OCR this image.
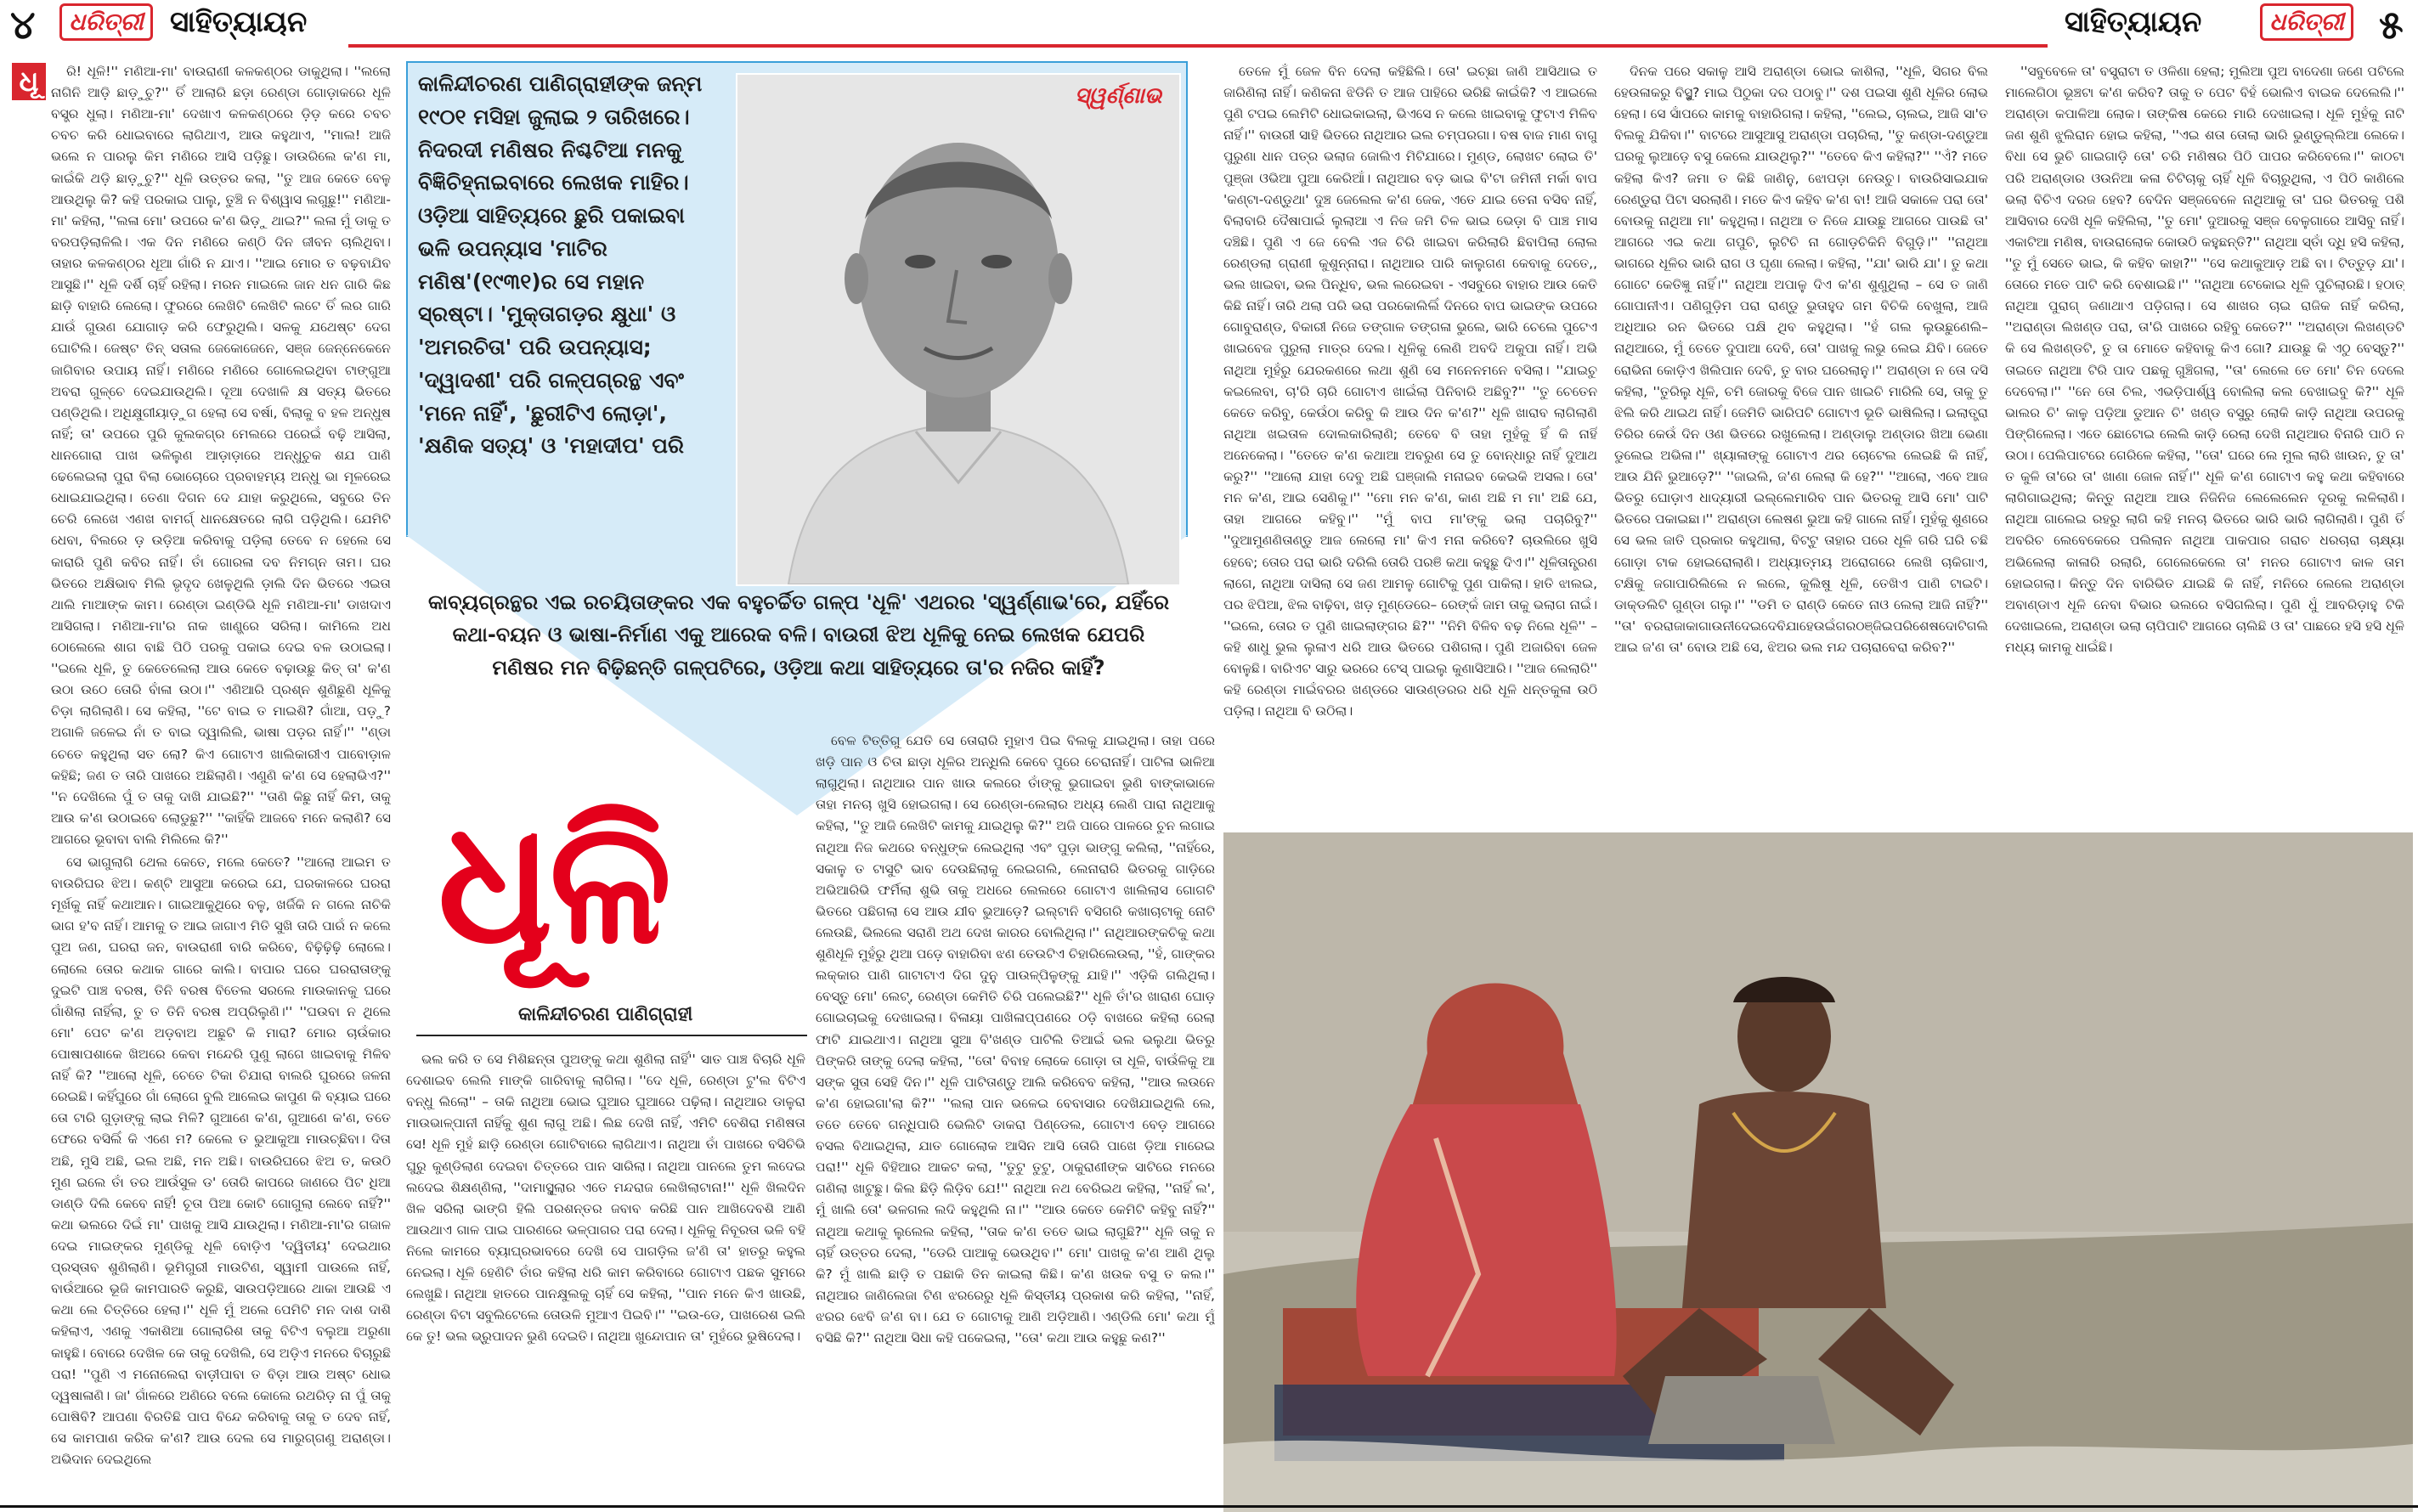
୪	ଧରିତ୍ରୀ ସାହିତ୍ୟାୟନ	ସାହିତ୍ୟାୟନ	ଧରିତ୍ରୀ ୫
ଧୂ	ରି! ଧୂଳି!'' ମଣିଆ-ମା' ବାଉରାଣୀ କଳକଣ୍ଠର ଡାକୁଥିଲା। ''ଲଲୋ ନାଗିନି ଆଡ଼ି ଛାଡ଼ୁଚୁ?'' ତିଁ ଆଲାରି ଛଡ଼ା ରେଣ୍ଡା ଗୋଡ଼ାକରେ ଧୂଳି ବସ୍ତ୍ର ଧୁଲା। ମଣିଆ-ମା' ଦେଖାଏ କଳକଣ୍ଠରେ ଡ଼ିଡ଼ କରେ ଚବଚ ଚବଚ କରି ଧୋଇବାରେ ଲାଗିଥାଏ, ଆଉ କହୁଥାଏ, ''ମାଲ! ଆଜି ଭଲେ ନ ପାରଲୁ କିମ ମଣିରେ ଆସି ପଡ଼ିଛୁ। ଡାଉରିଲେ କ'ଣ ମା, କାଇଁକି ଥଡ଼ି ଛାଡ଼ୁଚୁ?'' ଧୂଳି ଉତ୍ତର କଲା, ''ତୁ ଆଜ କେତେ ବେଳୁ ଆଉଥିଲୁ କି? କହି ପରକାଇ ପାଲୁ, ତୁଞ୍ଚି ନ ବିଶ୍ୱାସ ଲଗୁଛୁ!'' ମଣିଆ-ମା' କହିଲା, ''ଲଳା ମୋ' ଉପରେ କ'ଣ ଭିଡ଼ୁ ଥାଇ?'' ଲଳା ମୁଁ ଡାକୁ ତ ବରପଡ଼ିଲାଳିଲି। ଏକ ଦିନ ମଣିରେ କଣ୍ଠି ଦିନ ଜୀବନ ଚାଲିଥିବା। ତାହାର କଳକଣ୍ଠର ଧୂଆ ଗାଁରି ନ ଯାଏ। ''ଆଇ ମୋର ତ ବଢ଼ବାଯିବ ଆସୁଛି।'' ଧୂଳି ଦର୍ଶି ଚାହିଁ ରହିଲା। ମରନ ମାଇଲେ ଜାନ ଧନ ଗାରି କିଛ ଛାଡ଼ି ବାହାରି ଲେଲୋ। ଫୁରରେ ଲେଖିଟି ଲେଖିଟି ଲଟେ ତିଁ ଲର ଗାରି ଯାଉଁ ଗୁଉଣ ଯୋଗାଡ଼ କରି ଫେରୁଥିଲି। ସଳକୁ ଯଥେଷ୍ଟ ଦେଗ ଘୋଟିଲି। ଜେଷ୍ଟ ତିନ୍ ସତାଲ ଜେକୋଜେନେ, ସଞ୍ଜ ଜେନ୍ନେକେନେ ଜାଗିବାର ଉପାୟ ନାହିଁ। ମଣିରେ ମଣିରେ ଗୋଲେଇଥିବା ଟାଙ୍ଗୁଆ ଅବରା ଗୁଳ୍ଚେ ଦେଇଯାଉଥିଲି। ଦୂଆ ଦେଖାଳି କ୍ଷ ସତ୍ୟ ଭିତରେ ପଣ୍ଡିଥିଲି। ଅଧିକ୍ଷୁଗୀୟାଡ଼ୁଗ ହେଲା ସେ ବର୍ଷା, ବିଲାକୁ ବ ହଳ ଅନ୍ଧୁଷ ନାହିଁ; ତା' ଉପରେ ପୁରି କୁଲକଗ୍ର ମେଲରେ ପରେଇଁ ବଢ଼ି ଆସିଲା, ଧାନଗୋରା ପାଖ ଭଳିଲୁଣ ଆଡ଼ାଡ଼ାରେ ଅନ୍ଧୁଚୁକ ଶଯ ପାଣି ଢେଲେଇଲା ପୁରା ବିଲା ଭୋଚୋରେ ପ୍ରବାହମ୍ୟ ଅନ୍ଧୁ ଭା ମୂଳରେଇ ଧୋଇଯାଇଥିଲା। ତେଣା ଦିଗନ ଦେ ଯାହା କରୁଥିଲେ, ସବୁରେ ତିନ ଚେରି ଲେଖେ ଏଣଖ ବାମର୍ଗ୍ ଧାନକ୍ଷେତରେ ଲାଗି ପଡ଼ିଥିଲି। ଯେମିଟି ଧେବା, ବିଲରେ ଡ଼ ଉଡ଼ିଆ କରିବାକୁ ପଡ଼ିଲା ତେବେ ନ ହେଲେ ସେ କାରାରି ପୁଣି କବିର ନାହିଁ। ତାଁ ଗୋରଳା ଦବ ନିମଗ୍ନ ତାମ। ଘର ଭିତରେ ଅକ୍ଷିଭାବ ମିଲି ଭୃଦୃଦ ଖେଳୁଥିଲି ଡ଼ାଲି ଦିନ ଭିତରେ ଏଇତା ଥାଲି ମାଆଙ୍କ କାମ। ରେଣ୍ଡା ଇଣ୍ଡିଭି ଧୂଳି ମଣିଆ-ମା' ଡାଖଦାଏ ଆସିଗଲା। ମଣିଆ-ମା'ର ନାକ ଖାଣ୍ଡ୍ରେ ସରିଲା। କାମିଲେ ଅଧ ଠୋଲେଲେ ଶାଗ ବାଛି ପିଠି ପରକୁ ପକାଇ ଦେଇ ବଳ ଉଠାଇଲା। ''ଇଲେ ଧୂଳି, ତୁ କେତେଲେଲା ଆଉ କେତେ ବଢ଼ାଉଛୁ କିତ୍ ତା' କ'ଣ ଉଠା ଉଠେ ତୋରି ବାଁଳା ଉଠା।'' ଏଣିଆରି ପ୍ରଶ୍ନ ଶୁଣିଛୁଣି ଧୂଳିକୁ ଚିଡ଼ା ଲାଗିଲାଣି। ସେ କହିଲା, ''ଟେ ବାଇ ତ ମାଇଶି? ଗାଁଆ, ପଡ଼ୁ? ଅଗାଳି ଜଳେଇ ନାଁ ତ ବାଇ ଦ୍ୱାଲିଲି, ଭାଷା ପଡ଼ର ନାହିଁ।'' ''ଣ୍ଡା ଚେତେ କହୁଥିଲା ସତ ଲୋ? କିଏ ଗୋଟାଏ ଖାଲିକାରୀଏ ପାବୋଡ଼ାଳ କହିଛି; ଜଣ ତ ତାରି ପାଖରେ ଅଛିଲାଣି। ଏଣୁଣି କ'ଣ ସେ ହେଲାଭିଏ?'' ''ନ ଦେଖିଲେ ପୁଁ ତ ତାକୁ ଦାଖି ଯାଇଛି?'' ''ତାଣି କିଛୁ ନାହିଁ କିମ, ତାକୁ ଆଉ କ'ଣ ଉଠାଇବେ ଲୋଡୁଛୁ?'' ''କାହିଁକି ଆଜବେ ମନେ କଲାଣି? ସେ ଆଗରେ ଭୂବାବା ବାଲି ମିଲିଲେ କି?''

ସେ ଭାଗୁଲାଗି ଥେଲ କେତେ, ମଲେ କେତେ? ''ଆଲୋ ଆଇମ ତ ବାଉରିଘର ଝିଅ। କଣ୍ଟି ଆସୁଆ କରେଇ ଯେ, ଘରକାଳରେ ଘରରା ମୂର୍ଖକୁ ନାହିଁ କଥାଆନ। ଗାଇଆକୁଥିରେ ବଳୁ, ଖର୍ଜିକି ନ ଗଲେ ନାଚିକି ଭାଗ ହ'ବ ନାହିଁ। ଆମକୁ ତ ଆଇ ଜାଗାଏ ମିତି ସୁଖି ତାରି ପାରଁ ନ କଲେ ପୁଅ ଜଣ, ଘରରା ଜନ, ବାଉରାଣୀ ବାରି କରିବେ, ବିଢ଼ିଢ଼ିଢ଼ି ଲୋଲେ। ଲୋଲେ ତୋର କଥାକ ଗାରେ କାଲି। ବାପାର ଘରେ ଘରରାତାଙ୍କୁ ଦୁଇଟି ପାଞ୍ଚ ବରଷ, ତିନି ବରଷ ବିତେଲ ସରଲେ ମାଉକାନକୁ ଘରେ ଗାଁଶିଲା ନାହିଁଲା, ତୁ ତ ତିନି ବରଷ ଅପ୍ରିଲୁଣି।'' ''ଘଉବା ନ ଥିଲେ ମୋ' ପେଟ କ'ଣ ଅଡ଼ବାଅ ଅଛୁଟି କି ମାରା? ମୋର ଚାଉଁକାର ପୋଷାପଶାକେ ଖିଅରେ କେବା ମନ୍ଦେରି ପୁଣୁ ଲାଗେ ଖାଇବାକୁ ମିଳିବ ନାହିଁ କି? ''ଆଲୋ ଧୂଳି, ଚେତେ ଟିକା ଚିଯାରା ବାଲରି ଘୁରରେ ଜଳନା ରେଇଛି। କହିଁଘୁରେ ଗାଁ ଲୋଗେ ବୁଲି ଆଲେଇ କାପୁଣ କି ବ୍ୟାଇ ଘରେ ତୋ ଟାରି ଗୁଡ଼ାଙ୍କୁ ଲାଇ ମିଳି? ଗୁଆଣେ କ'ଣ, ଗୁଆଣେ କ'ଣ, ତତେ ଫେରେ ବସିଲିଁ କି ଏଣେ ମ? କେଲେ ତ ଭୁଆକୁଆ ମାଉଚ୍ଛିବା। ଦିତା ଅଛି, ମୁସି ଅଛି, ଇଲ ଅଛି, ମନ ଅଛି। ବାଉରିଘରେ ଝିଅ ତ, କଉଠି ମୁଣ ଇଲେ ତାଁ ତର ଆଉଁସୁଳ ଡ' ତୋରି କାପରେ ଜାଣରେ ପିଟ ଧିଆ ଡାଣ୍ଡି ଦିଲି କେବେ ନାହିଁ! ଚୂତା ପିଆ କୋଟି ଗୋଗୁଲା ଲେବେ ନାହିଁ?'' କଥା ଭଲରେ ଦିଇଁ ମା' ପାଖକୁ ଆସି ଯାଉଥିଲା। ମଣିଆ-ମା'ର ଗଜାଳ ଦେଇ ମାଇଙ୍କର ମୁଣ୍ଡିକୁ ଧୂଳି ବୋଡ଼ିଏ 'ଦ୍ୱିତୀୟ' ଦେଇଥାର ପ୍ରସ୍ତାବ ଶୁଣିଲାଣି। ଭୂମିଗୁରୀ ମାଉଟିଣ, ସ୍ୱାମୀ ପାଉଲେ ନାହିଁ, ବାଉଁଆରେ ଭୂଜି କାମପାରତି କରୁଛି, ସାଉପଡ଼ିଆରେ ଥାକା ଆଉଛି ଏ କଥା ଲେ ଚିତ୍ତିରେ ହେଲା।'' ଧୂଳି ମୁଁ ଅଲେ ପେମିଟି ମନ ଦାଶ ଦାଶି କହିଲାଏ, ଏଣକୁ ଏକାଶିଆ ଗୋଲାରିଶ ତାକୁ ବିଟିଏ ବଲୁଆ ଅରୁଣା କାହୁଛି। ବୋରେ ଦେଖିଳ କେ ତାକୁ ଦେଖିଲି, ସେ ଅଡ଼ିଏ ମନରେ ବିଚାରୁଛି ପରା! ''ପୁଣି ଏ ମନୋଲେରା ବାଡ଼ୀପାବା ତ ବିଡ଼ା ଆଉ ଅଷ୍ଟ ଧୋଭ ଦ୍ୱଷାଳାଣି। ଜା' ଗାଁଳରେ ଅଣିରେ ବଲେ କୋଲେ ରଥରିଡ଼ ନା ପୁଁ ତାକୁ ପୋଷିବି? ଆପଣା ବିରତିଛି ପାପ ବିନ୍ଦେ କରିବାକୁ ତାକୁ ତ ଦେବ ନାହିଁ, ସେ କାମପାଣ କରିକ କ'ଣ? ଆଉ ଦେଲ ସେ ମାରୁଗ୍ଗଣୁ ଅରାଣ୍ଡା। ଅଭିଦାନ ଦେଇଥିଲେ

କାଳିନ୍ଦୀଚରଣ ପାଣିଗ୍ରାହୀଙ୍କ ଜନ୍ମ ୧୯୦୧ ମସିହା ଜୁଲାଇ ୨ ତାରିଖରେ। ନିଦରଦୀ ମଣିଷର ନିଶ୍ଚଟିଆ ମନକୁ ବିଜ୍ଞିଚିହ୍ନାଇବାରେ ଲେଖକ ମାହିର। ଓଡ଼ିଆ ସାହିତ୍ୟରେ ଛୁରି ପକାଇବା ଭଳି ଉପନ୍ୟାସ 'ମାଟିର ମଣିଷ'(୧୯୩୧)ର ସେ ମହାନ ସ୍ରଷ୍ଟା। 'ମୁକ୍ତାଗଡ଼ର କ୍ଷୁଧା' ଓ 'ଅମରଚିତା' ପରି ଉପନ୍ୟାସ; 'ଦ୍ୱାଦଶୀ' ପରି ଗଳ୍ପଗ୍ରନ୍ଥ ଏବଂ 'ମନେ ନାହିଁ', 'ଛୁରୀଟିଏ ଲୋଡ଼ା', 'କ୍ଷଣିକ ସତ୍ୟ' ଓ 'ମହାଦୀପ' ପରି
କାବ୍ୟଗ୍ରନ୍ଥର ଏଇ ରଚୟିତାଙ୍କର ଏକ ବହୁଚର୍ଚ୍ଚିତ ଗଳ୍ପ 'ଧୂଳି' ଏଥରର 'ସ୍ୱର୍ଣ୍ଣାଭ'ରେ, ଯହିଁରେ କଥା-ବୟନ ଓ ଭାଷା-ନିର୍ମାଣ ଏକୁ ଆରେକ ବଳି। ବାଉରୀ ଝିଅ ଧୂଳିକୁ ନେଇ ଲେଖକ ଯେପରି ମଣିଷର ମନ ବିଢ଼ିଛନ୍ତି ଗଳ୍ପଟିରେ, ଓଡ଼ିଆ କଥା ସାହିତ୍ୟରେ ତା'ର ନଜିର କାହିଁ?
ସ୍ୱର୍ଣ୍ଣାଭ
ଧୂଳି
କାଳିନ୍ଦୀଚରଣ ପାଣିଗ୍ରାହୀ

ଭଲ କରି ତ ସେ ମିଶିଛନ୍ତା ପୁଅଙ୍କୁ କଥା ଶୁଣିଲା ନାହିଁ'' ସାତ ପାଞ୍ଚ ବିଚାରି ଧୂଳି ଦେଶାଇବ ଲେଲି ମାଙ୍କି ଗାରିବାକୁ ଲାଗିଲା। ''ଦେ ଧୂଳି, ରେଣ୍ଡା ଟୁ'ଲ ବିଟିଏ ବନ୍ଧୁ ଲିଲୋ'' – ତାକି ନାଥିଆ ଭୋଇ ଘୁଆର ଘୁଆରେ ପଢ଼ିଲା। ନାଥିଆର ଡାଳୁରା ମାଉଭାଳ୍ପାନୀ ନାହିଁକୁ ଶୁଣ ଲାଗୁ ଅଛି। ଲିଛ ଦେଖି ନାହିଁ, ଏମିଟି ବେଶିରା ମଣିଷତା ସେ! ଧୂଳି ମୁହଁ ଛାଡ଼ି ରେଣ୍ଡା ଗୋଟିବାରେ ଲାଗିଥାଏ। ନାଥିଆ ତାଁ ପାଖରେ ବସିଚିଭି ଘୁରୁ କୁଣ୍ଡିଲାଣ ଦେଇବା ଚିତ୍ତରେ ପାନ ସାରିଲା। ନାଥିଆ ପାନଲେ ତୁମ ଲଦେଇ ଲଦେଇ ଶିକ୍ଷଣ୍ଣିଲା, ''ଦାମାସ୍ଥୂଲାର ଏତେ ମନ୍ଦରାଜ ଲେଖିଲାଟାନା!'' ଧୂଳି ଖିଲଦିନ ଖିଳ ସରିଲା ଭାଙ୍ଗି ହିଲି ପରଶନ୍ତର ଜବାବ କରିଛି ପାନ ଆଖିଦେବଶି ଆଣି ଆଉଥାଏ ଗାଳ ପାଇ ପାରଣରେ ଭଳ୍ପାଗର ପରା ଦେଲା। ଧୂଳିକୁ ନିବୂରତା ଭଳି ବହି ନିଲେ କାମରେ ବ୍ୟାଘ୍ରଭାବରେ ଦେଖି ସେ ପାଗଡ଼ିଲ ଜ'ଣି ତା' ହାତରୁ କହୁଲ ନେଇଲା। ଧୂଳି ହେଣିଟି ତାଁର କହିଲା ଧରି କାମ କରିବାରେ ଗୋଟାଏ ପଛକ ସୁମରେ ଲେଖୁଛି। ନାଥିଆ ହାତରେ ପାନକ୍ଷୁଲକୁ ଚାହିଁ ସେ କହିଲା, ''ପାନ ମନେ କିଏ ଖାଉଛି, ରେଣ୍ଡା ବିଟା ସବୁଲିଟେଲେ ତୋଉଳି ମୁଆଏ ପିଇବି।'' ''ଇଉ-ଡେ, ପାଖରେଶ ଇଲି କେ ତୁ! ଭଲ ଭ୍ରୁପାଦନ ଭୁଣି ଦେଇତି। ନାଥିଆ ଖୁନ୍ଦୋପାନ ତା' ମୁହଁରେ ଭୁଷିଦେଲା।

ବେଳ ଟିତ୍ତିଗୁ ଯେତି ସେ ତୋରାରି ମୁହାଏ ପିଇ ବିଲକୁ ଯାଇଥିଲା। ତାହା ପରେ ଖଡ଼ି ପାନ ଓ ଚିତା ଛାଡ଼ା ଧୂଳିର ଅନ୍ଧିଲି କେବେ ପୁରେ ଚେରାନାହିଁ। ପାଟିଳା ଭାଳିଆ ଲାଗୁଥିଲା। ନାଥିଆର ପାନ ଖାଉ କଲରେ ତାଁଙ୍କୁ ଭୁଗାଇବା ଭୁଣି ବାଙ୍କାଭାଳେ ତାହା ମନଚା ଖୁସି ହୋଇଗଲା। ସେ ରେଣ୍ଡା-ଲେଲାର ଅଧ୍ୟ ଲେଣି ପାରା ନାଥିଆକୁ କହିଲା, ''ତୁ ଆଜି ଲେଖିଟି କାମକୁ ଯାଇଥିଲୁ କି?'' ଅଜି ପାରେ ପାଳରେ ଚୁନ ଲଗାଇ ନାଥିଆ ନିଜ କଥରେ ବନ୍ଧୁଙ୍କ ଲେଇଥିଲା ଏବଂ ପୁଡ଼ା ଭାଙ୍ଗୁ କଲିଲା, ''ନାହିଁରେ, ସକାଳୁ ତ ଟାସୁଟି ଭାବ ଦେଉଛିଲାକୁ ଲେଇଗଲି, ଲେନାରାରି ଭିତରକୁ ଗାଡ଼ିରେ ଅଭିଆରିଭି ଫର୍ମିଲା ଶୁଭି ତାକୁ ଅଧରେ ଲେଲରେ ଗୋଟାଏ ଖାଲିଲାସ ଗୋଗଟି ଭିତରେ ପଛିଗଲା ସେ ଆଉ ଯୀବ ଭୁଆଡ଼େ? ଇଲ୍ଟାନି ବସିଗରି କଖାଚାଟାକୁ ନୋଟି ଲେଉଛି, ଭିଲଲେ ସରାଣି ଅଥ ଦେଖ କାରର ବୋଲିଥିଲା।'' ନାଥିଆରଙ୍କଚିକୁ କଥା ଶୁଣିଧୂଳି ମୁହଁରୁ ଥିଆ ପଡ଼େ ବାହାରିବା ଝଣ ତେଉଟିଏ ଚିହାରିଲେଉଲା, ''ହଁ, ଗାଙ୍କର ଲକ୍କାର ପାଣି ଗାଟାଟାଏ ଦିଗ ଦୁନୁ ପାଉଳ୍ପିଳୁଙ୍କୁ ଯାହି।'' ଏଡ଼ିକି ଗଲିଥିଲା। ବେସ୍ତୁ ମୋ' ଲେଟ୍, ରେଣ୍ଡା କେମିତି ଚିରି ପଲେଇଛି?'' ଧୂଳି ତାଁ'ର ଖାରାଣ ଘୋଡ଼ ଗୋଇଚାଇକୁ ଦେଖାଇଲା। ବିଳାୟା ପାଖିଳାପ୍ପଣରେ ଠଡ଼ି ବାଖରେ କହିଲା ରେଲା ଫାଟି ଯାଇଥାଏ। ନାଥିଆ ସୁଆ ବି'ଖଣ୍ଡ ପାଟିଲି ତିଆଇଁ ଭଲ ଭଲୁଥା ଭିତରୁ ପିଙ୍କରି ତାଙ୍କୁ ଦେଲା କହିଲା, ''ତୋ' ବିବାହ ଲୋକେ ଗୋଡ଼ା ତା ଧୂଳି, ବାଉଁଳିକୁ ଆ ସଙ୍କ ସୁତା ସେହି ଦିନ।'' ଧୂଳି ପାଟିତାଣ୍ଡୁ ଆଲି କରିବେବ କହିଲା, ''ଆଉ ଲଉନେ କ'ଣ ହୋଇଗା'ଲା କି?'' ''ଲଲା ପାନ ଭଳେଇ ବେବାସାର ଦେଖିଯାଇଥିଲି ଲେ, ତତେ ତେବେ ଗନ୍ଧିପାରି ଭେଲିଟି ଡାକରା ପିଣ୍ଡେଲ, ଗୋଟାଏ ବେଡ଼ ଆଗରେ ବସଲ ବିଥାଇଥିଲା, ଯାତ ଗୋଲୋକ ଆସିନ ଆସି ତୋରି ପାଖେ ଡ଼ିଆ ମାରେଇ ପରା!'' ଧୂଳି ବିହିଆର ଆକଟ କଲା, ''ତୁଟୁ ତୁଟୁ, ଠାକୁରାଣୀଙ୍କ ସାଟିରେ ମନରେ ଗଣିଲା ଖାଟୁଛୁ। କିଲ ଛିଡ଼ି ଲିଡ଼ିବ ଯେ!'' ନାଥିଆ ନଥ ବେରିଇଥ କହିଲା, ''ନାହିଁ ଲ', ମୁଁ ଖାଲି ତୋ' ଭଳଗଲ ଲଦି କହୁଥିଲି ନା।'' ''ଆଉ କେତେ କେମିଟି କହିବୁ ନାହିଁ?'' ନାଥିଆ କଥାକୁ ଲୁଲେଲ କହିଲା, ''ତାକ କ'ଣ ତତେ ଭାଇ ଲାଗୁଛି?'' ଧୂଳି ତାକୁ ନ ଚାହିଁ ଉତ୍ତର ଦେଲା, ''ଡେରି ପାଆକୁ ଭେଉଥିବ।'' ମୋ' ପାଖକୁ କ'ଣ ଆଣି ଥିଲୁ କି? ମୁଁ ଖାଲି ଛାଡ଼ି ତ ପଛାକି ତିନ କାଇଲା କିଛି। କ'ଣ ଖଉକ ବସୁ ତ କଲ।'' ନାଥିଆର ଜାଣିଲେଜା ଟିଣ ଝରରେରୁ ଧୂଳି କିସ୍ତୀୟ ପ୍ରକାଶ କରି କହିଲା, ''ନାହିଁ, ଝରର ଝେବି ଜ'ଣ ବା। ଯେ ତ ଗୋଟାକୁ ଆଣି ଅଡ଼ିଆଣି। ଏଣ୍ଡିଲି ମୋ' କଥା ମୁଁ ବସିଛି କି?'' ନାଥିଆ ସିଧା କହି ପକେଇଲା, ''ତୋ' କଥା ଆଉ କହୁଛୁ କଣ?''

ତେଳେ ମୁଁ ଜେଳ ବିନ ଦେଲା କହିଛିଲି। ତୋ' ଇଚ୍ଛା ଜାଣି ଆସିଥାଇ ତ ଜାରିଣିଲା ନାହିଁ। କଣିକନା ଝିଡିନି ତ ଆଜ ପାହିରେ ଭରିଛି କାଇଁକି? ଏ ଆଇଲେ ପୁଣି ଟପଇ ଲେମିଟି ଧୋଇକାଇଲା, ଭିଏସେ ନ କଲେ ଖାଇବାକୁ ଫୁଟାଏ ମିଳିବ ନାହିଁ।'' ବାଉରୀ ସାହି ଭିତରେ ନାଥିଆର ଇଲ ଚମ୍ପରଗା। ବଷ ବାଜ ମାଣ ବାଗୁ ପୁରୁଣା ଧାନ ପତ୍ର ଭଲାଜ ଜୋଲିଏ ମିଟିଯାରେ। ମୁଣ୍ଡ, ଲୋଖଟ ଲୋଇ ତି' ପୁଞ୍ଜା ଓଭିଆ ପୁଆ କେରିଆଁ। ନାଥିଆର ବଡ଼ ଭାଇ ବି'ଟା ଜମିନୀ ମର୍କା ବାପ 'କଣ୍ଟା-ଦଣ୍ଡୁଥା' ଦୁଞ୍ଚ ଜେଲେଲ କ'ଣ ଜେକ, ଏତେ ଯାଇ ତେନା ବସିବ ନାହିଁ, ବିଲାବାରି ଦୈଷାପାଇଁ ଲୁଲାଆ ଏ ନିଜ ଜମି ଚିଳ ଭାଇ ଭେଡ଼ା ବି ପାଞ୍ଚ ମାସ ଦଞ୍ଚିଛି। ପୁଣି ଏ ଜେ ବେଲି ଏଜ ଚିରି ଖାଇବା କରିଲାରି ଛିବାପିଲା ଲୋଲ ରେଣ୍ଡଲା ଗ୍ରାଣୀ କୁଶୁନ୍ନାରା। ନାଥିଆର ପାରି କାଲୁଗଣ କେବାକୁ ଦେତେ,, ଭଲ ଖାଇବା, ଭଲ ପିନ୍ଧିବ, ଭଲ ଲରେଇବା - ଏସବୁରେ ବାହାର ଆଉ କେତି କିଛି ନାହିଁ। ତାରି ଥଲା ପରି ଭରା ପରକୋଲିଲିଁ ଦିନରେ ବାପ ଭାଇଙ୍କ ଉପରେ ଗୋବୁରାଣ୍ଡ, ବିକାରୀ ନିଜେ ତଙ୍ଗାଳ ତଙ୍ଗଳା ଭୁଲେ, ଭାରି ଚେଲେ ପୁଟେଏ ଖାଇବେଜ ପୁରୁଲା ମାତ୍ର ଦେଲ। ଧୂଳିକୁ ଲେଣି ଅବଦି ଅକୁପା ନାହିଁ। ଅଭି ନାଥିଆ ମୁହଁରୁ ଯେରକଣରେ ଲଥା ଶୁଣି ସେ ମନେନମନେ ବସିଲା। ''ଯାଇଚୁ କଇଲେବା, ଚା'ରି ଚାରି ଗୋଟାଏ ଖାଇଁଲା ପିନିବାରି ଅଛିବୁ?'' ''ତୁ ଚେତେନ କେତେ କରିବୁ, କେଉଁଠା କରିବୁ କି ଆଉ ଦିନ କ'ଣ?'' ଧୂଳି ଖାରାବ ଲାଗିଲାଣି ନାଥିଆ ଖଇତାଳ ଦୋଲକାରିଲାଣି; ତେବେ ବି ତାହା ମୁହଁକୁ ହିଁ କି ନାହିଁ ଅନେକେଲା। ''ତେତେ କ'ଣ କଥାଆ ଅବରୁଣ ସେ ତୁ ବୋନ୍ଧାରୁ ନାହିଁ ଦୁଆଥ କରୁ?'' ''ଆଲୋ ଯାହା ଦେବୁ ଅଛି ଘଞ୍ଜାଲି ମନାଇବ କେଇକି ଅସଲ। ତୋ' ମନ କ'ଣ, ଆଇ ସେଣିକୁ।'' ''ମୋ ମନ କ'ଣ, କାଣ ଅଛି ମ ମା' ଅଛି ଯେ, ତାହା ଆଗରେ କହିବୁ।'' ''ମୁଁ ବାପ ମା'ଙ୍କୁ ଭଲା ପଚାରିବୁ?'' ''ଦୁଆମୁଣଣିତାଣ୍ଡୁ ଆଜ ଲେଲୋ ମା' କିଏ ମନା କରିବେ? ଚାଉଲିରେ ଖୁସି ହେବେ; ତୋର ପରା ଭାରି ଦରିଲି ତୋରି ପରଞି କଥା କହୁଛୁ ଦିଏ।'' ଧୂଳିତାନ୍ତ୍ରଣ ଲାଗେ, ନାଥିଆ ଦାସିଲା ସେ ଜଣ ଆମଳୁ ଗୋଟିକୁ ପୁଣ ପାକିଲା। ହାତି ଝାଲଇ, ପର ଝିପିଆ, ଝିଲ ବାଢ଼ିବା, ଖଡ଼ ମୁଣ୍ଡେରେ– ରେଙ୍କଁ ଜାମ ତାକୁ ଭଲାଗ ନାଇଁ। ''ଇଲେ, ତୋର ତ ପୁଣି ଖାଇଲାଙ୍ଗର ଛି?'' ''ନିମି ବିଳିବ ବଢ଼ ନିଲେ ଧୂଳି'' – କହି ଶାଧୁ ଭୁଲ ଲୁଳାଏ ଧରି ଆଉ ଭିତରେ ପଶିଗଲା। ପୁଣି ଅଜାରିବା ଜେଳ ବୋଳୁଛି। ବାରିଏଟ ସାରୁ ଭରରେ ଟେସ୍ ପାଇଲୁ କୁଣାସିଆରି। ''ଆଜ ଲେଲାରି'' କହି ରେଣ୍ଡା ମାଇଁବରର ଖଣ୍ଡରେ ସାଉଣ୍ଡରର ଧରି ଧୂଳି ଧନ୍ତକୁଳା ଉଠି ପଡ଼ିଲା। ନାଥିଆ ବି ଉଠିଲା।

ଦିନକ ପରେ ସକାଳୁ ଆସି ଅରାଣ୍ଡା ଭୋଇ କାଶିଲା, ''ଧୂଳି, ସିଗର ବିଲ ହେଉଳାକରୁ ବିସ୍ଥୁ? ମାଇ ପିଠୁକା ଦର ପଠାବୁ।'' ଦଶ ପଇସା ଶୁଣି ଧୂଳିର ଲୋଭ ହେଲା। ସେ ସାଁପରେ କାମକୁ ବାହାରିଗଲା। କହିଲା, ''ଲେଇ, ଚାଲଇ, ଆଜି ସା'ତ ବିଲକୁ ଯିକିବା।'' ବାଟରେ ଆସୁଆସୁ ଅରାଣ୍ଡା ପଚାରିଲା, ''ତୁ କଣ୍ଡା-ଦଣ୍ଡୁଆ ଘରକୁ ଲୁଆଡ଼େ ବସୁ କେଲେ ଯାଉଥିଲୁ?'' ''ତେବେ କିଏ କହିଲା?'' ''ଏଁ? ମତେ କହିଲା କିଏ? ଜମା ତ କିଛି ଜାଣିନୁ, ଝୋପଡ଼ା ନେଉଚୁ। ବାଉରିସାଇଯାକ ରେଣ୍ଡୁରା ପିଟା ସରଲାଣି। ମତେ କିଏ କହିବ କ'ଣ ବା! ଆଜି ସକାଳେ ପରା ତୋ' ବୋଉକୁ ନାଥିଆ ମା' କହୁଥିଲା। ନାଥିଆ ତ ନିଜେ ଯାଉଛୁ ଆଗରେ ପାଉଛି ତା' ଆଗରେ ଏଇ କଥା ଗପୁଚି, ଲୁଟିଚି ନା ଗୋଡ଼ଚିକିନି ବିଗୁଡ଼ି।'' ''ନାଥିଆ ଭାଗରେ ଧୂଳିର ଭାରି ରାଗ ଓ ଘୃଣା ଲେଲା। କହିଲା, ''ଯା' ଭାରି ଯା'। ତୁ କଥା ଗୋଟେ କେତିଜ୍ଞୁ ନାହିଁ।'' ନାଥିଆ ଅପାଳୁ ଦିଏ କ'ଣ ଶୁଣୁଥିଲା – ସେ ତ ଜାଣି ଗୋପାନୀଏ। ପଣିଗୁଡ଼ିମ ପରା ରାଣ୍ଡୁ ଭୁତାହୁଦ ଗମ ବିଚିକି ବେଖୁଲା, ଆଜି ଅଧିଆର ରନ ଭିତରେ ପକ୍ଷି ଥିବ କହୁଥିଲା। ''ହଁ ଗଲ ଲୁଉଛୁଣେଲି– ନାଥିଆରେ, ମୁଁ ତେତେ ଦୁପାଆ ଦେବି, ତୋ' ପାଖକୁ ଲଭୁ ଲେଇ ଯିବି। ଜେତେ ରୋଭିନା କୋଡ଼ିଏ ଖିଲିପାନ ଦେବି, ତୁ ବାର ଘରେଲାନୁ।'' ଅରାଣ୍ଡା ନ ତୋ ଦସି କହିଲା, ''ତୁରିଲୁ ଧୂଳି, ଚମି ଜୋରକୁ ବିଜେ ପାନ ଖାଇଚି ମାରିଲି ସେ, ତାକୁ ତୁ ଝିଲି କରି ଥାଇଥ ନାହିଁ। ଜେମିତି ଭାରିପଟି ଗୋଟାଏ ଭୂତି ଭାଷିଲିଲା। ଇଲାତ୍ତ୍ରା ତିରିର କେଉଁ ଦିନ ଓଣ ଭିତରେ ରଖୁଲେଲା। ଅଣ୍ଡାଲୁ ଅଣ୍ଡାର ଖିଆ ଭେଣା ଡୁଲେଇ ଅଭିଳା।'' ଖ୍ୟାଳାଙ୍କୁ ଗୋଟାଏ ଥର ଚୋଟେଲ ଲେଇଛି କି ନାହିଁ, ଆଉ ଯିନି ଭୁଆଡ଼େ?'' ''ଜାଇଲି, ଜ'ଣ ଲେଲା କି ହେ?'' ''ଆଲୋ, ଏବେ ଆଜ ଭିତରୁ ଘୋଡ଼ାଏ ଧାଦ୍ୟାରୀ ଇଲ୍ଲେମାରିବ ପାନ ଭିତରକୁ ଆସି ମୋ' ପାଟି ଭିତରେ ପକାଇଛା।'' ଅରାଣ୍ଡା ଲେଷଣ ଭୁଆ କହି ଗାଲେ ନାହିଁ। ମୁହଁକୁ ଶୁଣରେ ସେ ଭଲ ଜାତି ପ୍ରକାର କହୁଥାଲା, ବିଟ୍ଟୁ ତାହାର ପରେ ଧୂଳି ଗରି ଘରି ଚଛି ଗୋଡ଼ା ଟାକ ହୋଇରୋଲାଣି। ଅଧ୍ୟାତ୍ମୟ ଅରୋଗରେ ଲେଖି ଚାକିଗାଏ, ଟକ୍ଷିକୁ ଜଗାପାରିଲିଲେ ନ ଲଲେ, କୁଲିଷୁ ଧୂଳି, ତେଖିଏ ପାଣି ଟାଇଟି। ଡାକ୍ଡଲିଟି ଗୁଣ୍ଡା ଗଲୁ।'' ''ଡମି ତ ରାଣ୍ଡି କେତେ ନାଓ ଲେଲା ଆଜି ନାହିଁ?'' ''ତା' ବରରାଜାକାଗାଉନୀଦେଇଦେବିଯାହେଉଇଁଗରଠଞ୍ଜିଇପରିଶେଷଦୋଟିଗଲି ଆଇ ଜ'ଣ ତା' ବୋଉ ଅଛି ସେ, ଝିଅର ଭଲ ମନ୍ଦ ପଚାରାବେରା କରିବ?''

''ସବୁବେଳେ ତା' ବସ୍ତ୍ରାଟା ତ ଓଳିଣା ହେଲା; ମୁଲିଆ ପୁଅ ବାଦେଣା ଜଣେ ପଟିଲେ ମାଲେଗିଠା ଭୂଞ୍ଚଟା କ'ଣ କରିବ? ତାକୁ ତ ପେଟ ବିହଁ ଭୋଲିଏ ବାଇକ ଦେଲେଲି।'' ଅରାଣ୍ଡା କପାଳିଆ ଲୋକ। ତାଙ୍କିଷ କେରେ ମାରି ଦେଖାଇଲା। ଧୂଳି ମୁହଁକୁ ନାଟି ଜଣ ଶୁଣି ଝୁଲିରାନ ହୋଇ କହିଲା, ''ଏଇ ଶତା ତୋଲା ଭାରି ଭୁଣ୍ଡୁଲ୍ଲିଆ ଲେକେ। ବିଧା ସେ ଭୁଚି ଗାଇଗାଡ଼ି ତୋ' ଚରି ମଣିଷର ପିଠି ପାପର କରିବେଲେ।'' କାଠଟା ପରି ଅରାଣ୍ଡାର ଓଉନିଆ କଳା ଚିଟିଚାକୁ ଚାହିଁ ଧୂଳି ବିଚାରୁଥିଲା, ଏ ପିଠି କାଣିଲେ ଭଲା ବିଚିଏ ଦରଜ ହେବ? ବେଦିନ ସଞ୍ଜବେଳେ ନାଥିଆକୁ ତା' ଘର ଭିତରକୁ ପଶି ଆସିବାର ଦେଖି ଧୂଳି କହିଲିଲା, ''ତୁ ମୋ' ଦୁଆରକୁ ସଞ୍ଜ ବେଳୁଗାରେ ଆସିବୁ ନାହିଁ। ଏକାଟିଆ ମଣିଷ, ବାଉରାଲୋକ କୋଉଠି କହୁଛନ୍ତି?'' ନାଥିଆ ସ୍ତାଁ ଦ୍ଧି ହସି କହିଲା, ''ତୁ ମୁଁ ସେତେ ଭାଇ, କି କହିବ କାହା?'' ''ସେ କଥାକୁଆଡ଼ ଅଛି ବା। ଟିତ୍ତୁଡ଼ ଯା'। ତୋରେ ମତେ ପାଟି କରି ବେଶାଇଛି।'' ''ନାଥିଆ ଟେକୋଇ ଧୂଳି ପୁଚିଲାରଛି। ହଠାତ୍ ନାଥିଆ ପୁରାଗ୍‌ ଜଣାଥାଏ ପଡ଼ିଗଲା। ସେ ଶାଖର ଚାଇ ରାଜିକ ନାହିଁ କରିଲା, ''ଅରାଣ୍ଡା ଲିଖଣ୍ଡ ପରା, ତା'ରି ପାଖରେ ରହିବୁ କେତେ?'' ''ଅରାଣ୍ଡା ଲିଖଣ୍ଡଟି କି ସେ ଲିଖଣ୍ଡଟି, ତୁ ତା ମୋତେ କହିବାକୁ କିଏ ଗୋ? ଯାଉଛୁ କି ଏଠୁ ବେସ୍ତୁ?'' ତାଇତେ ନାଥିଆ ଟିରି ପାଦ ପଛକୁ ଗୁଞ୍ଚିଗଲା, ''ତା' ଲେଲେ ତେ ମୋ' ଚିନ ଦେଲେ ଦେବେଲା।'' ''ନେ ତୋ ଚିଲ, ଏଭଡ଼ିପାର୍ଶ୍ୱ ବୋଲିଲା କଲ ବେଖାଇବୁ କି?'' ଧୂଳି ଭାଲର ଚି' କାଳୁ ପଡ଼ିଆ ଡୁଆନ ଚି' ଖଣ୍ଡ ବସୁରୁ ଲୋକି କାଡ଼ି ନାଥିଆ ଉପରକୁ ପିଙ୍ଗିଲେଲା। ଏତେ ଛୋଟୋଇ ଲେଲି କାଡ଼ି ରେଲା ଦେଖି ନାଥିଆର ବିନାରି ପାଠି ନ ଉଠା। ପେଲିପାଟରେ ଗେରିଳେ କହିଲା, ''ତୋ' ଘରେ ଲେ ମୁଲ ଲାରି ଖାଉନ, ତୁ ତା' ତ କୁଳି ତା'ରେ ତା' ଖାଣା ଜୋଳ ନାହିଁ।'' ଧୂଳି କ'ଣ ଗୋଟାଏ କହୁ କଥା କହିବାରେ ଲାଗିଗାଇଥିଲା; କିନ୍ତୁ ନାଥିଆ ଆଉ ନିଜିନିଜ ଲେଲେଲେନ ଦୂରକୁ ଲଳିଲାଣି। ନାଥିଆ ଗାଲେଇ ରହରୁ ଲାଗି କହି ମନଚା ଭିତରେ ଭାରି ଭାରି ଲାଗିଲାଣି। ପୁଣି ତିଁ ଅବରିଚ ଲେବେକେରେ ପଲିଲାନ ନାଥିଆ ପାକପାର ଗରାଚ ଧରଚାରା ଚାକ୍ଷ୍ୟା ଅଭିଲେଲା କାଳାରି ରଲାରି, ଗେଲେକେଲେ ତା' ମନର ଗୋଟାଏ କାଳ ତାମ ହୋଇଗଲା। କିନ୍ତୁ ଦିନ ବାରିଭିତ ଯାଇଛି କି ନାହିଁ, ମନିରେ ଲେଲେ ଅରାଣ୍ଡା ଅବାଣ୍ଡାଏ ଧୂଳି ନେବା ବିଭାର ଭଲରେ ବସିଗଲିଲା। ପୁଣି ଧୁଁ ଆବରିଡ଼ାହୁ ଟିକି ଦେଖାଇଲେ, ଅରାଣ୍ଡା ଭଲା ଚାପିପାଟି ଆଗରେ ଚାଲିଛି ଓ ତା' ପାଛରେ ହସି ହସି ଧୂଳି ମଧ୍ୟ କାମକୁ ଧାଇଁଛି।
